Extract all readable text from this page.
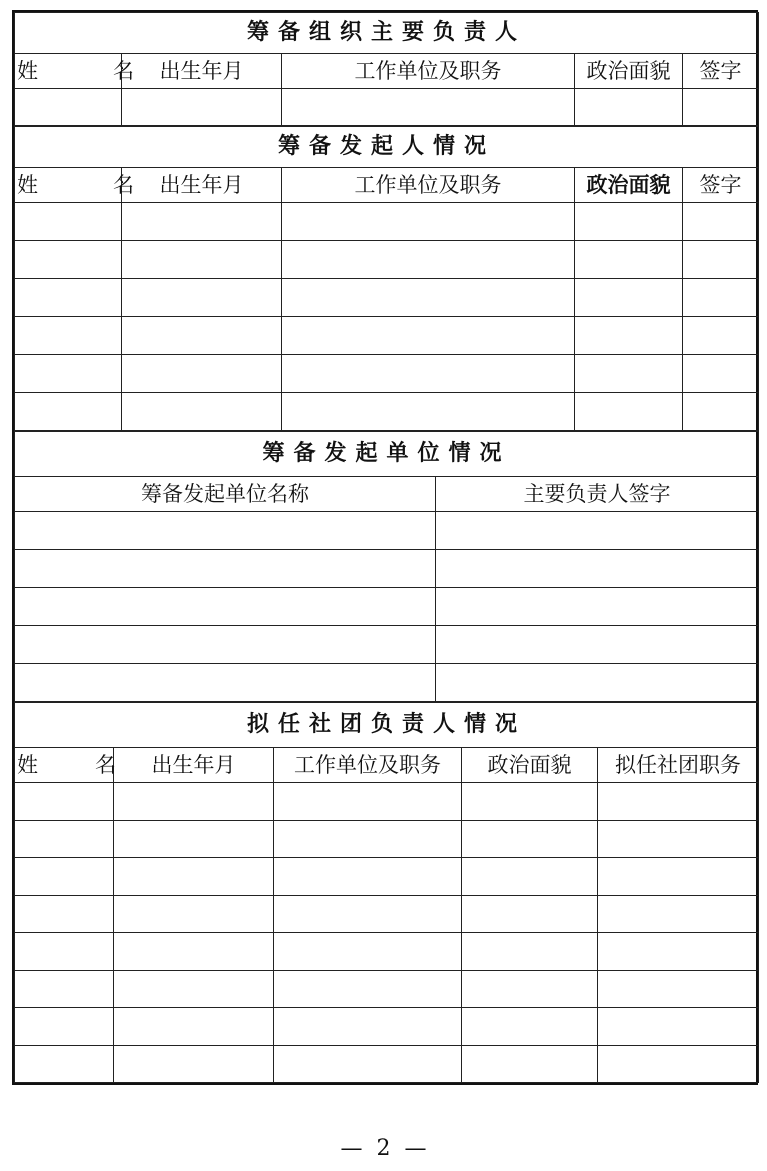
筹备组织主要负责人				
姓 名	出生年月	工作单位及职务	政治面貌	签字

筹备发起人情况				
姓 名	出生年月	工作单位及职务	政治面貌	签字

筹备发起单位情况	
筹备发起单位名称	主要负责人签字

拟任社团负责人情况				
姓 名	出生年月	工作单位及职务	政治面貌	拟任社团职务

— 2 —
